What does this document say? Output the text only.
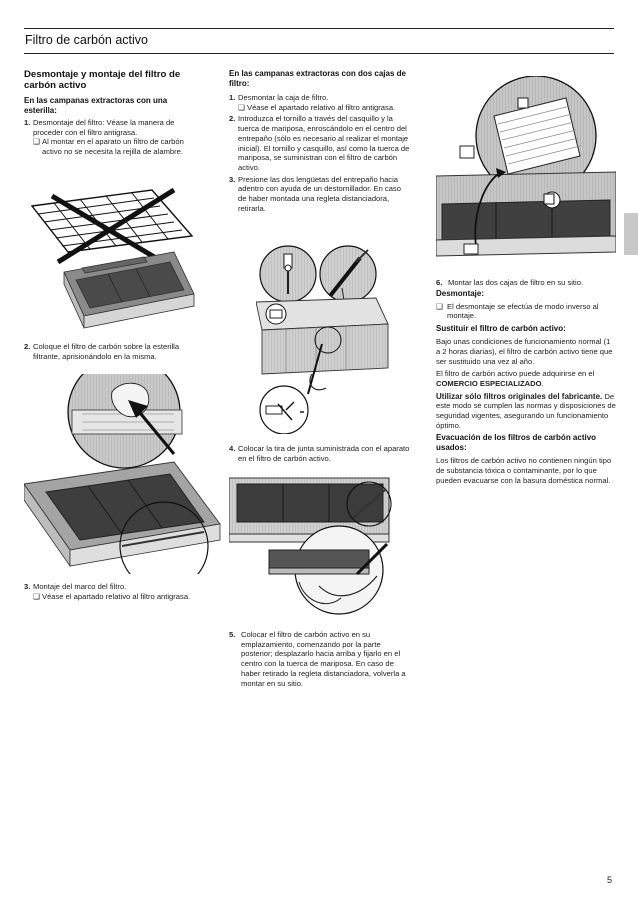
Filtro de carbón activo
Desmontaje y montaje del filtro de carbón activo
En las campanas extractoras con una esterilla:
1. Desmontaje del filtro: Véase la manera de proceder con el filtro antigrasa.
❑ Al montar en el aparato un filtro de carbón activo no se necesita la rejilla de alambre.
2. Coloque el filtro de carbón sobre la esterilla filtrante, aprisionándolo en la misma.
3. Montaje del marco del filtro.
❑ Véase el apartado relativo al filtro antigrasa.
En las campanas extractoras con dos cajas de filtro:
1. Desmontar la caja de filtro.
❑ Véase el apartado relativo al filtro antigrasa.
2. Introduzca el tornillo a través del casquillo y la tuerca de mariposa, enroscándolo en el centro del entrepaño (sólo es necesario al realizar el montaje inicial). El tornillo y casquillo, así como la tuerca de mariposa, se suministran con el filtro de carbón activo.
3. Presione las dos lengüetas del entrepaño hacia adentro con ayuda de un destornillador. En caso de haber montada una regleta distanciadora, retirarla.
4. Colocar la tira de junta suministrada con el aparato en el filtro de carbón activo.
5. Colocar el filtro de carbón activo en su emplazamiento, comenzando por la parte posterior; desplazarlo hacia arriba y fijarlo en el centro con la tuerca de mariposa. En caso de haber retirado la regleta distanciadora, volverla a montar en su sitio.
6. Montar las dos cajas de filtro en su sitio.
Desmontaje:
❑ El desmontaje se efectúa de modo inverso al montaje.
Sustituir el filtro de carbón activo:

Bajo unas condiciones de funcionamiento normal (1 a 2 horas diarias), el filtro de carbón activo tiene que ser sustituido una vez al año.

El filtro de carbón activo puede adquirirse en el COMERCIO ESPECIALIZADO.

Utilizar sólo filtros originales del fabricante. De este modo se cumplen las normas y disposiciones de seguridad vigentes, asegurando un funcionamiento óptimo.

Evacuación de los filtros de carbón activo usados:

Los filtros de carbón activo no contienen ningún tipo de substancia tóxica o contaminante, por lo que pueden evacuarse con la basura doméstica normal.

5
